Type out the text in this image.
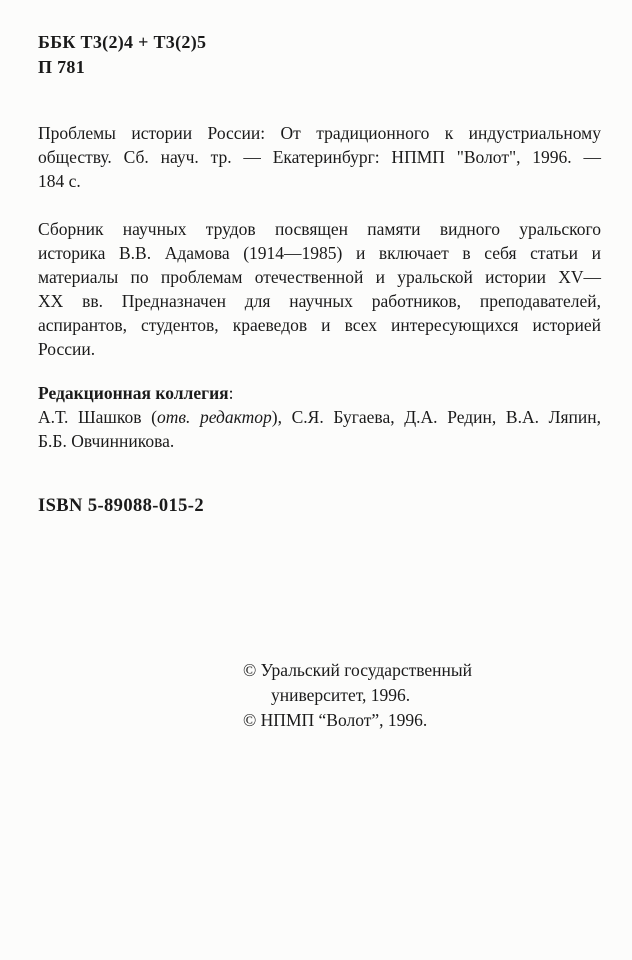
ББК Т3(2)4 + Т3(2)5
П 781
Проблемы истории России: От традиционного к индустриальному
обществу. Сб. науч. тр. — Екатеринбург: НПМП "Волот", 1996. —
184 с.
Сборник научных трудов посвящен памяти видного уральского
историка В.В. Адамова (1914—1985) и включает в себя статьи и
материалы по проблемам отечественной и уральской истории XV—
XX вв. Предназначен для научных работников, преподавателей,
аспирантов, студентов, краеведов и всех интересующихся историей
России.
Редакционная коллегия:
А.Т. Шашков (отв. редактор), С.Я. Бугаева, Д.А. Редин, В.А. Ляпин,
Б.Б. Овчинникова.
ISBN 5-89088-015-2
© Уральский государственный
университет, 1996.
© НПМП “Волот”, 1996.
